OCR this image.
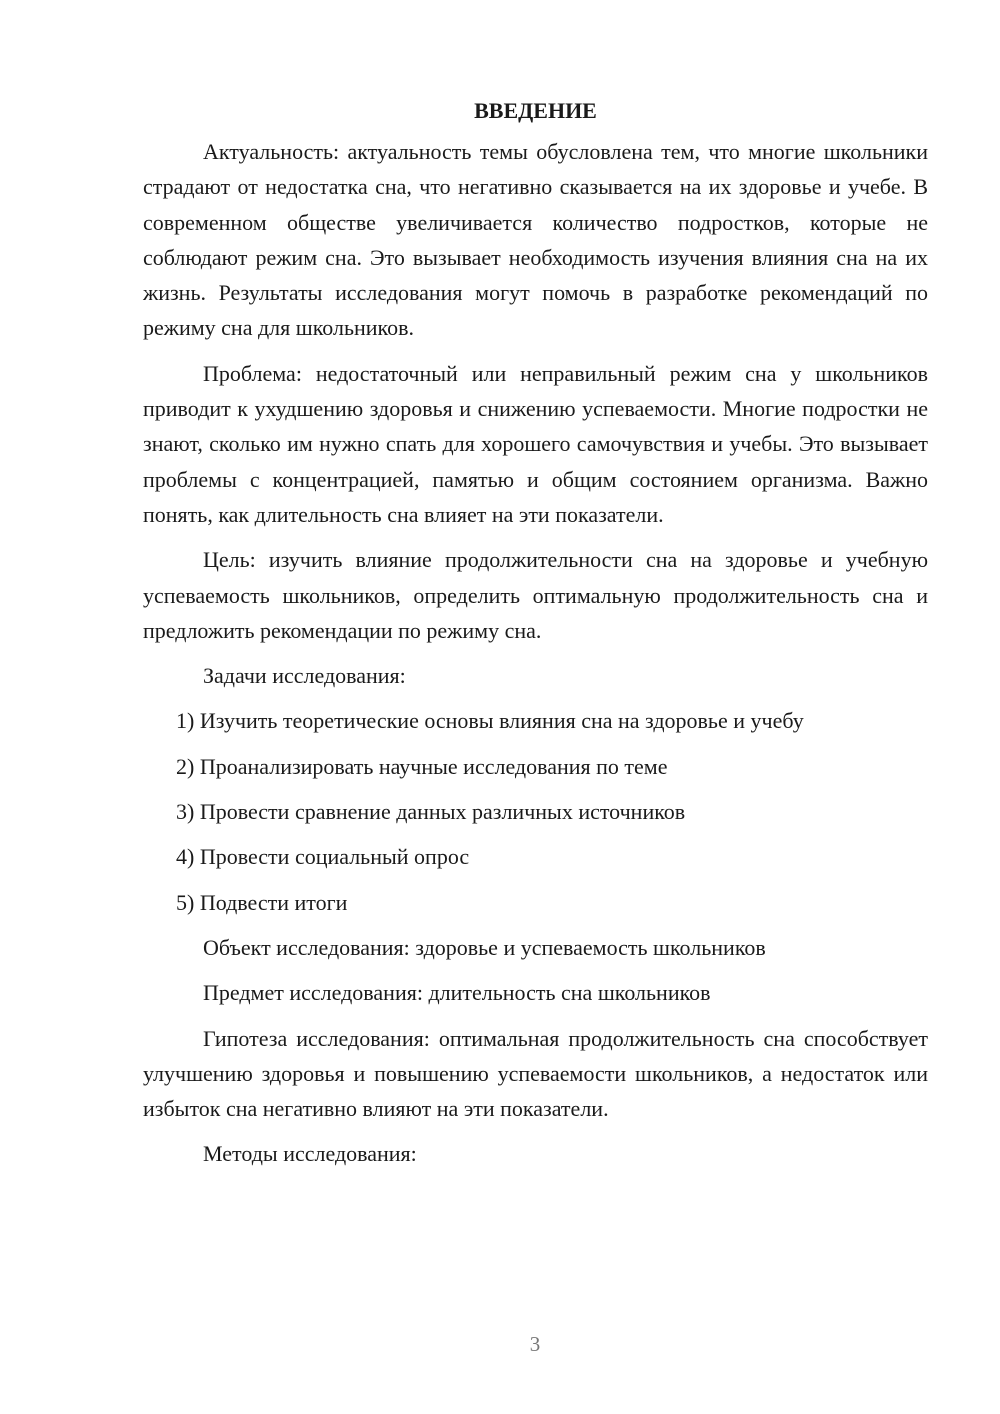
ВВЕДЕНИЕ

Актуальность: актуальность темы обусловлена тем, что многие школьники страдают от недостатка сна, что негативно сказывается на их здоровье и учебе. В современном обществе увеличивается количество подростков, которые не соблюдают режим сна. Это вызывает необходимость изучения влияния сна на их жизнь. Результаты исследования могут помочь в разработке рекомендаций по режиму сна для школьников.

Проблема: недостаточный или неправильный режим сна у школьников приводит к ухудшению здоровья и снижению успеваемости. Многие подростки не знают, сколько им нужно спать для хорошего самочувствия и учебы. Это вызывает проблемы с концентрацией, памятью и общим состоянием организма. Важно понять, как длительность сна влияет на эти показатели.

Цель: изучить влияние продолжительности сна на здоровье и учебную успеваемость школьников, определить оптимальную продолжительность сна и предложить рекомендации по режиму сна.

Задачи исследования:

1) Изучить теоретические основы влияния сна на здоровье и учебу

2) Проанализировать научные исследования по теме

3) Провести сравнение данных различных источников

4) Провести социальный опрос

5) Подвести итоги

Объект исследования: здоровье и успеваемость школьников

Предмет исследования: длительность сна школьников

Гипотеза исследования: оптимальная продолжительность сна способствует улучшению здоровья и повышению успеваемости школьников, а недостаток или избыток сна негативно влияют на эти показатели.

Методы исследования:

3
